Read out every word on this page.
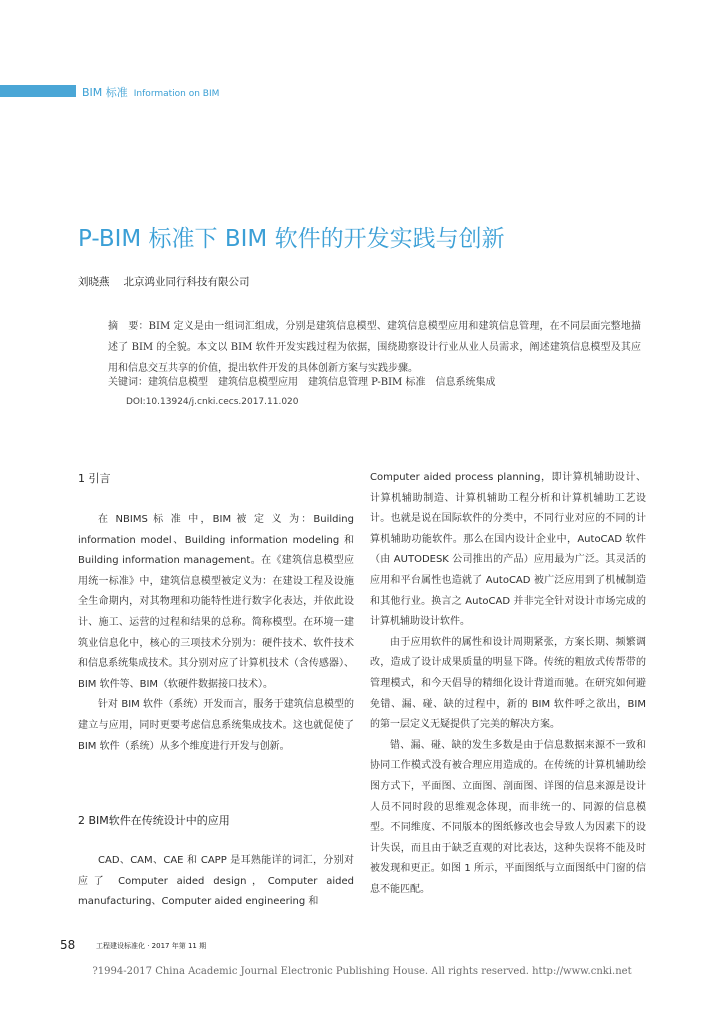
BIM 标准 Information on BIM
P-BIM 标准下 BIM 软件的开发实践与创新
刘晓燕 北京鸿业同行科技有限公司
摘　要：BIM 定义是由一组词汇组成，分别是建筑信息模型、建筑信息模型应用和建筑信息管理，在不同层面完整地描述了 BIM 的全貌。本文以 BIM 软件开发实践过程为依据，围绕勘察设计行业从业人员需求，阐述建筑信息模型及其应用和信息交互共享的价值，提出软件开发的具体创新方案与实践步骤。
关键词：建筑信息模型　建筑信息模型应用　建筑信息管理 P-BIM 标准　信息系统集成
DOI:10.13924/j.cnki.cecs.2017.11.020
1 引言

在 NBIMS 标 准 中，BIM 被 定 义 为：Building information model、Building information modeling 和 Building information management。在《建筑信息模型应用统一标准》中，建筑信息模型被定义为：在建设工程及设施全生命期内，对其物理和功能特性进行数字化表达，并依此设计、施工、运营的过程和结果的总称。简称模型。在环境一建筑业信息化中，核心的三项技术分别为：硬件技术、软件技术和信息系统集成技术。其分别对应了计算机技术（含传感器）、BIM 软件等、BIM（软硬件数据接口技术）。

针对 BIM 软件（系统）开发而言，服务于建筑信息模型的建立与应用，同时更要考虑信息系统集成技术。这也就促使了 BIM 软件（系统）从多个维度进行开发与创新。

2 BIM软件在传统设计中的应用

CAD、CAM、CAE 和 CAPP 是耳熟能详的词汇，分别对应了 Computer aided design，Computer aided manufacturing、Computer aided engineering 和

Computer aided process planning，即计算机辅助设计、计算机辅助制造、计算机辅助工程分析和计算机辅助工艺设计。也就是说在国际软件的分类中，不同行业对应的不同的计算机辅助功能软件。那么在国内设计企业中，AutoCAD 软件（由 AUTODESK 公司推出的产品）应用最为广泛。其灵活的应用和平台属性也造就了 AutoCAD 被广泛应用到了机械制造和其他行业。换言之 AutoCAD 并非完全针对设计市场完成的计算机辅助设计软件。

由于应用软件的属性和设计周期紧张，方案长期、频繁调改，造成了设计成果质量的明显下降。传统的粗放式传帮带的管理模式，和今天倡导的精细化设计背道而驰。在研究如何避免错、漏、碰、缺的过程中，新的 BIM 软件呼之欲出，BIM 的第一层定义无疑提供了完美的解决方案。

错、漏、碰、缺的发生多数是由于信息数据来源不一致和协同工作模式没有被合理应用造成的。在传统的计算机辅助绘图方式下，平面图、立面图、剖面图、详图的信息来源是设计人员不同时段的思维观念体现，而非统一的、同源的信息模型。不同维度、不同版本的图纸修改也会导致人为因素下的设计失误，而且由于缺乏直观的对比表达，这种失误将不能及时被发现和更正。如图 1 所示，平面图纸与立面图纸中门窗的信息不能匹配。

58	工程建设标准化 · 2017 年第 11 期
?1994-2017 China Academic Journal Electronic Publishing House. All rights reserved. http://www.cnki.net
